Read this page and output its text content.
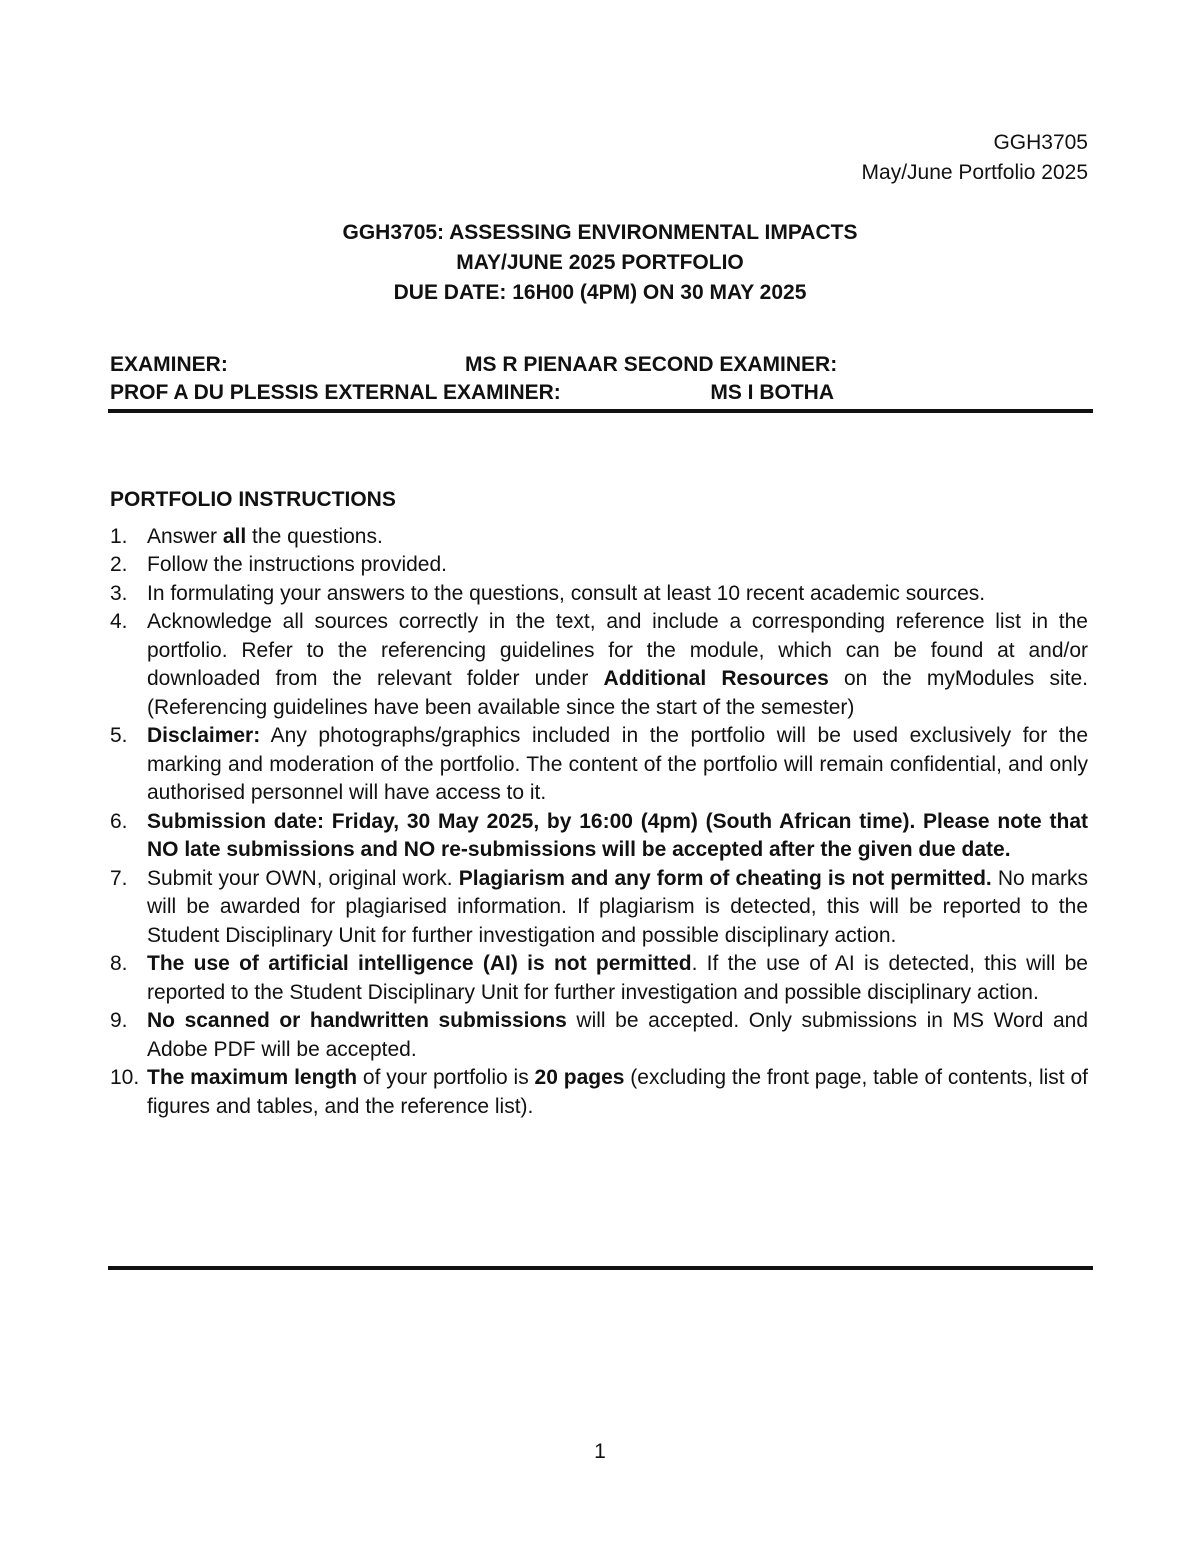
GGH3705
May/June Portfolio 2025
GGH3705: ASSESSING ENVIRONMENTAL IMPACTS
MAY/JUNE 2025 PORTFOLIO
DUE DATE: 16H00 (4PM) ON 30 MAY 2025
EXAMINER:	MS R PIENAAR
SECOND EXAMINER:
PROF A DU PLESSIS
EXTERNAL EXAMINER:	MS I BOTHA
PORTFOLIO INSTRUCTIONS
1. Answer all the questions.
2. Follow the instructions provided.
3. In formulating your answers to the questions, consult at least 10 recent academic sources.
4. Acknowledge all sources correctly in the text, and include a corresponding reference list in the portfolio. Refer to the referencing guidelines for the module, which can be found at and/or downloaded from the relevant folder under Additional Resources on the myModules site. (Referencing guidelines have been available since the start of the semester)
5. Disclaimer: Any photographs/graphics included in the portfolio will be used exclusively for the marking and moderation of the portfolio. The content of the portfolio will remain confidential, and only authorised personnel will have access to it.
6. Submission date: Friday, 30 May 2025, by 16:00 (4pm) (South African time). Please note that NO late submissions and NO re-submissions will be accepted after the given due date.
7. Submit your OWN, original work. Plagiarism and any form of cheating is not permitted. No marks will be awarded for plagiarised information. If plagiarism is detected, this will be reported to the Student Disciplinary Unit for further investigation and possible disciplinary action.
8. The use of artificial intelligence (AI) is not permitted. If the use of AI is detected, this will be reported to the Student Disciplinary Unit for further investigation and possible disciplinary action.
9. No scanned or handwritten submissions will be accepted. Only submissions in MS Word and Adobe PDF will be accepted.
10. The maximum length of your portfolio is 20 pages (excluding the front page, table of contents, list of figures and tables, and the reference list).
1
